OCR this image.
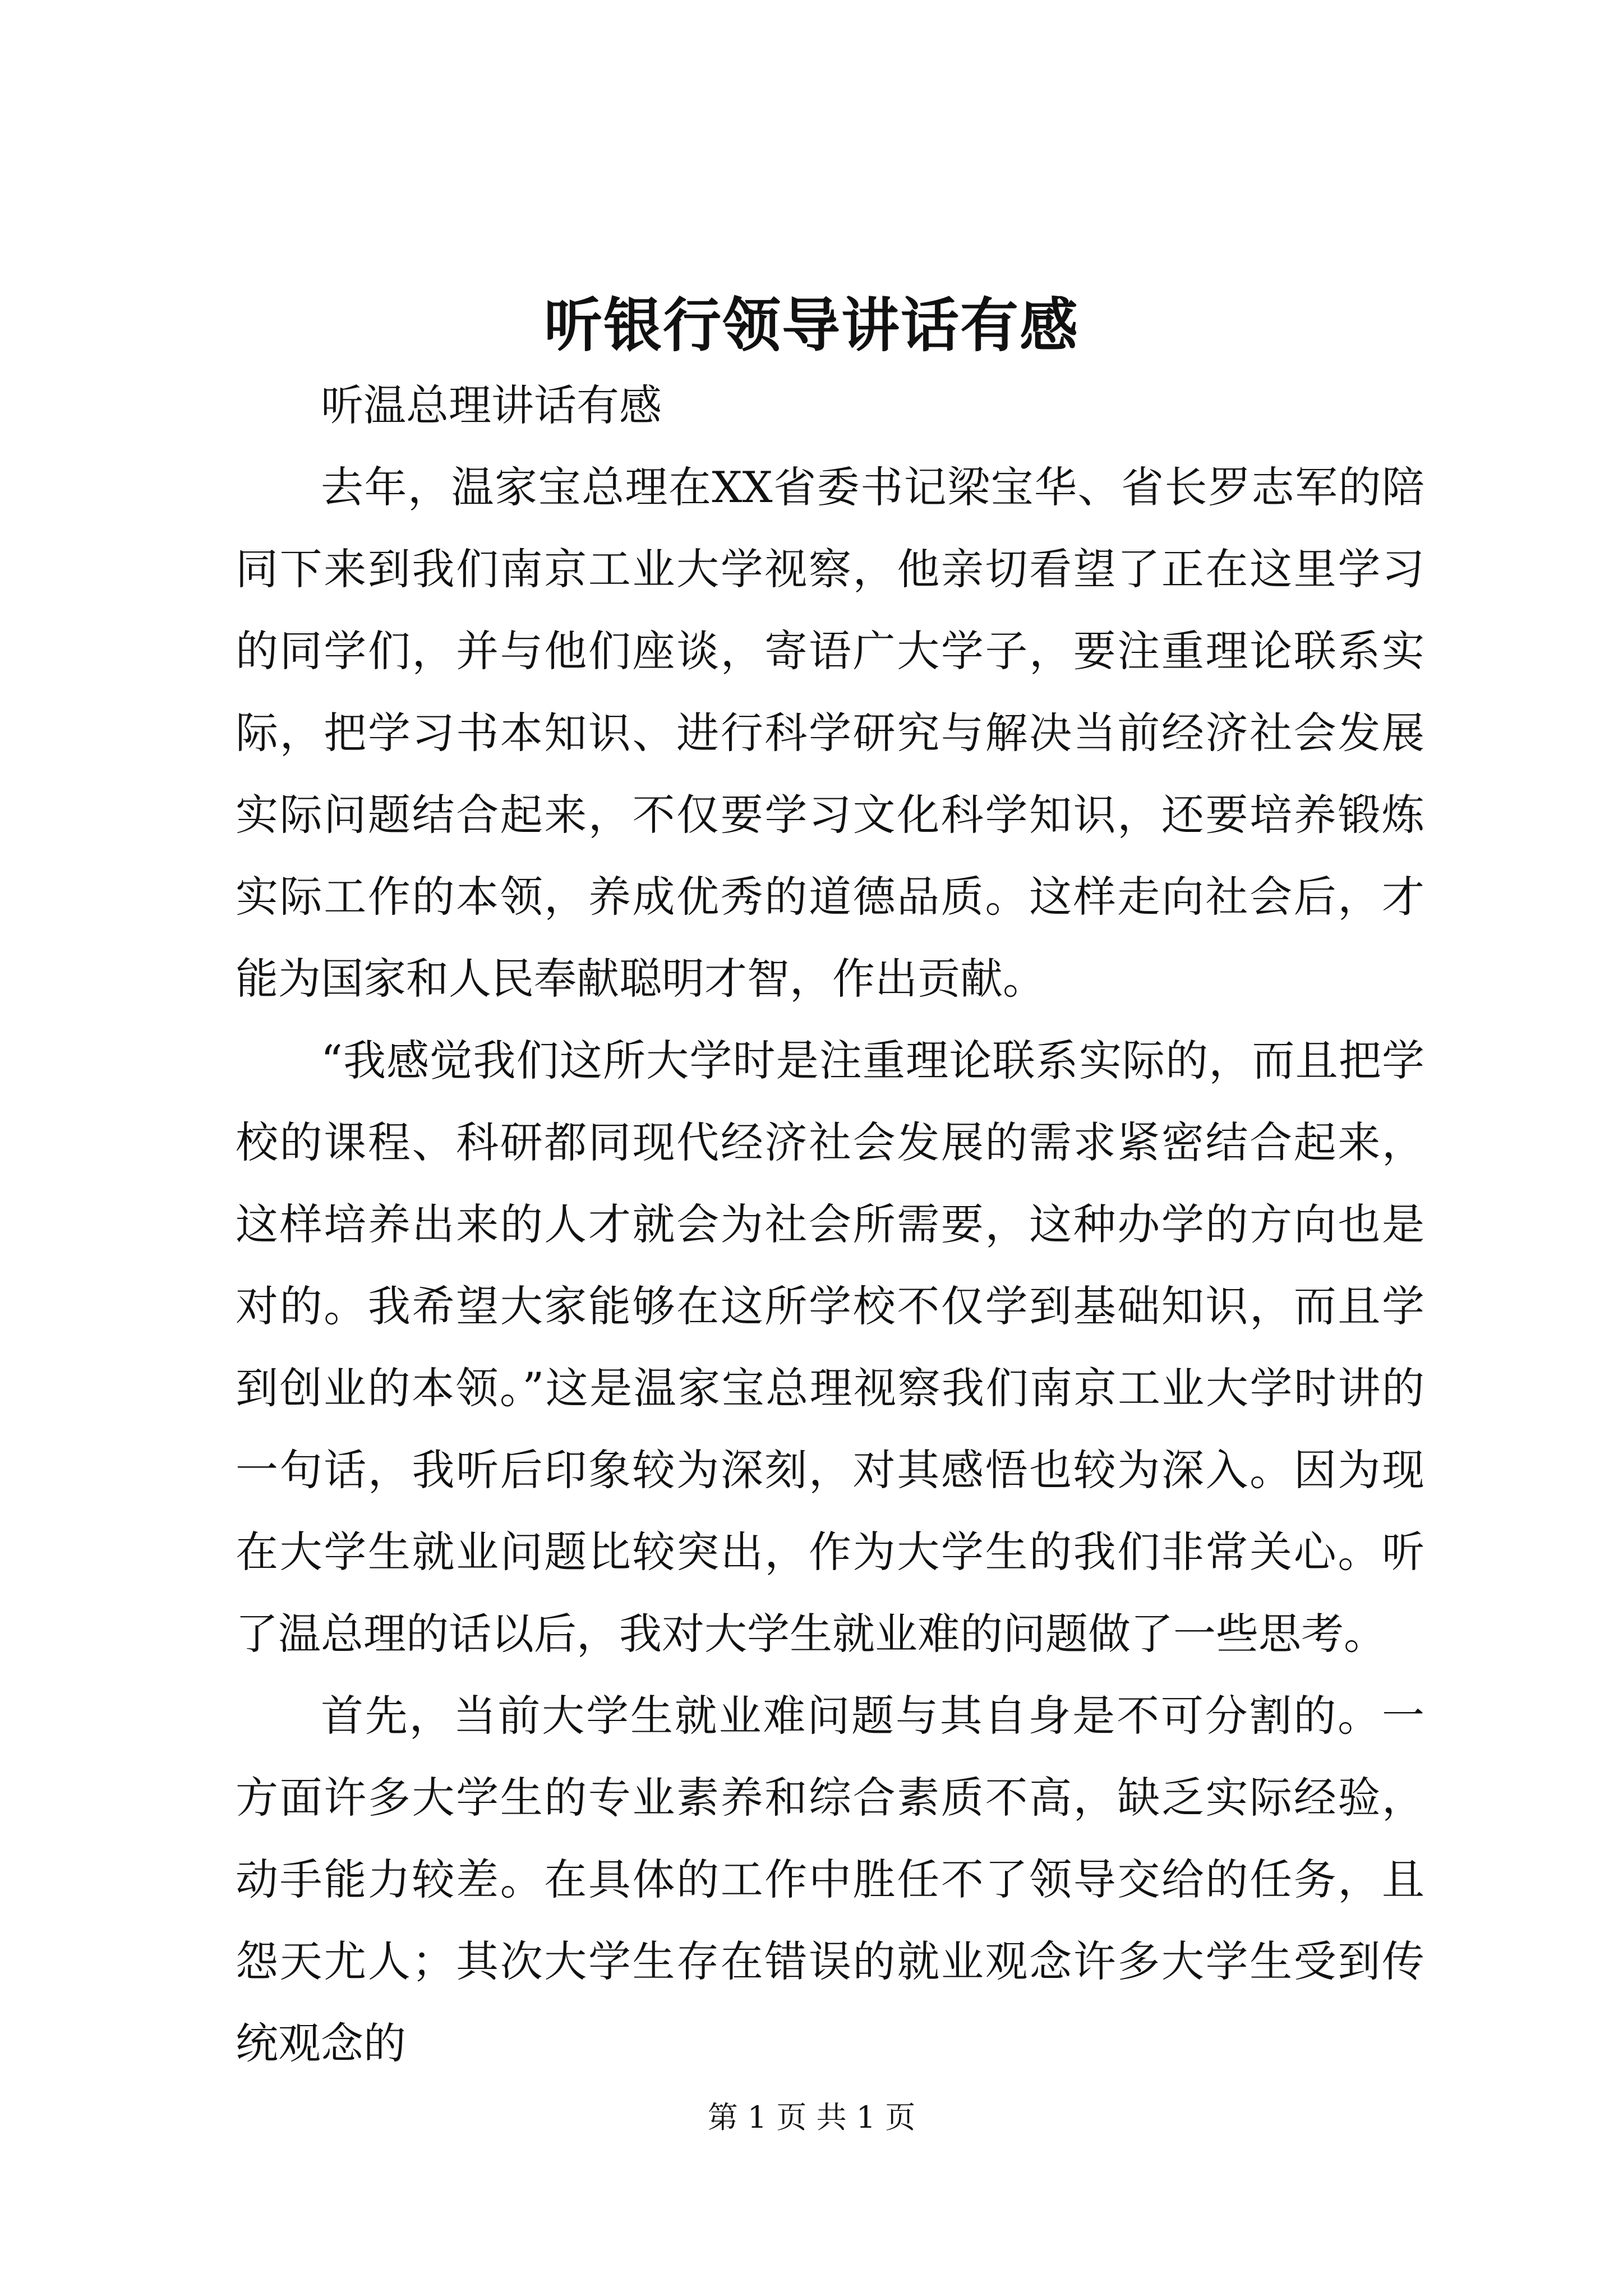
听银行领导讲话有感

听温总理讲话有感

去年，温家宝总理在XX省委书记梁宝华、省长罗志军的陪同下来到我们南京工业大学视察，他亲切看望了正在这里学习的同学们，并与他们座谈，寄语广大学子，要注重理论联系实际，把学习书本知识、进行科学研究与解决当前经济社会发展实际问题结合起来，不仅要学习文化科学知识，还要培养锻炼实际工作的本领，养成优秀的道德品质。这样走向社会后，才能为国家和人民奉献聪明才智，作出贡献。

“我感觉我们这所大学时是注重理论联系实际的，而且把学校的课程、科研都同现代经济社会发展的需求紧密结合起来，这样培养出来的人才就会为社会所需要，这种办学的方向也是对的。我希望大家能够在这所学校不仅学到基础知识，而且学到创业的本领。”这是温家宝总理视察我们南京工业大学时讲的一句话，我听后印象较为深刻，对其感悟也较为深入。因为现在大学生就业问题比较突出，作为大学生的我们非常关心。听了温总理的话以后，我对大学生就业难的问题做了一些思考。

首先，当前大学生就业难问题与其自身是不可分割的。一方面许多大学生的专业素养和综合素质不高，缺乏实际经验，动手能力较差。在具体的工作中胜任不了领导交给的任务，且怨天尤人；其次大学生存在错误的就业观念许多大学生受到传统观念的

第 1 页 共 1 页
